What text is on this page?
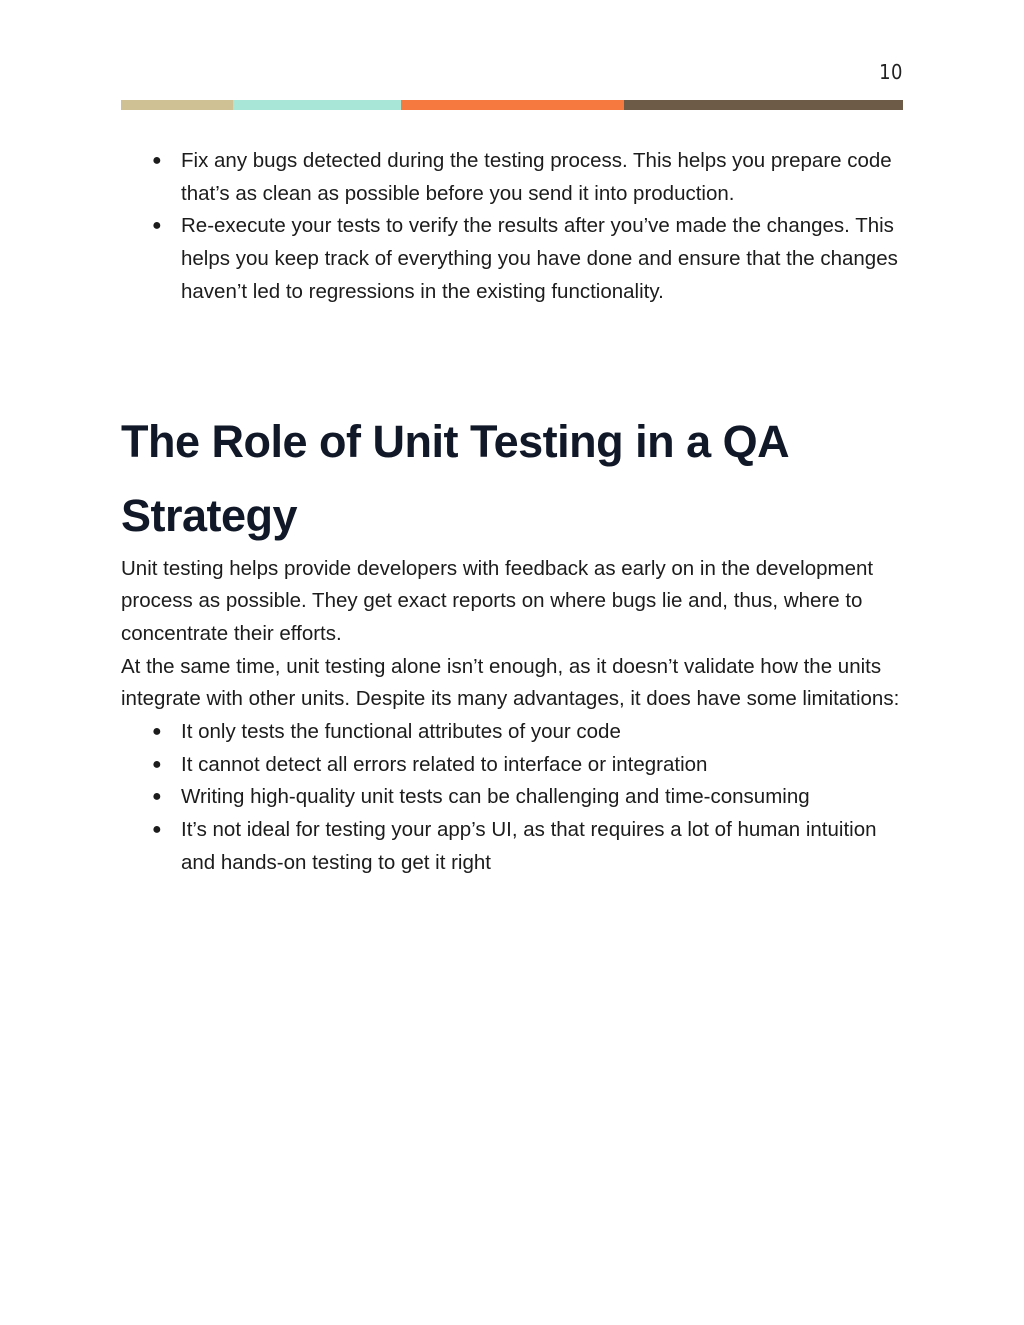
10
● Fix any bugs detected during the testing process. This helps you prepare code that’s as clean as possible before you send it into production.
● Re-execute your tests to verify the results after you’ve made the changes. This helps you keep track of everything you have done and ensure that the changes haven’t led to regressions in the existing functionality.
The Role of Unit Testing in a QA Strategy

Unit testing helps provide developers with feedback as early on in the development process as possible. They get exact reports on where bugs lie and, thus, where to concentrate their efforts.

At the same time, unit testing alone isn’t enough, as it doesn’t validate how the units integrate with other units. Despite its many advantages, it does have some limitations:

● It only tests the functional attributes of your code
● It cannot detect all errors related to interface or integration
● Writing high-quality unit tests can be challenging and time-consuming
● It’s not ideal for testing your app’s UI, as that requires a lot of human intuition and hands-on testing to get it right
